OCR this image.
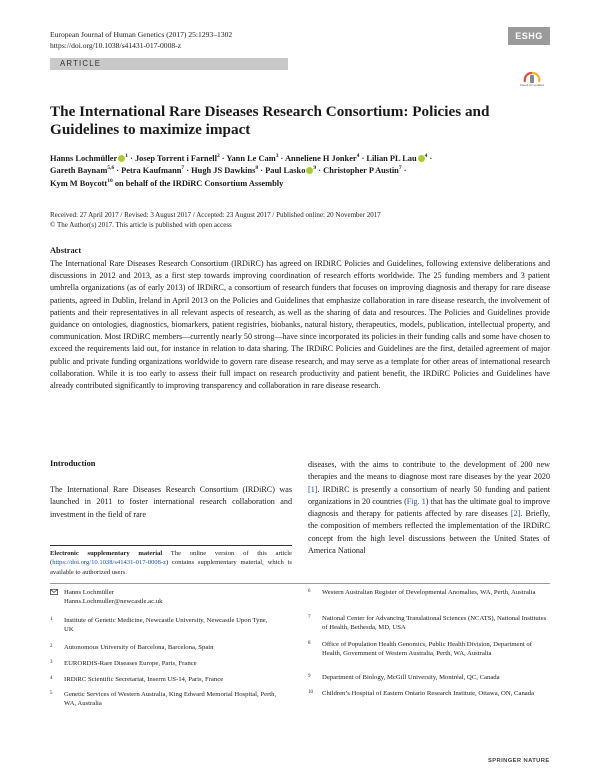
European Journal of Human Genetics (2017) 25:1293–1302
https://doi.org/10.1038/s41431-017-0008-z
ESHG
ARTICLE
Check for updates
The International Rare Diseases Research Consortium: Policies and Guidelines to maximize impact
Hanns Lochmüller $^1$ · Josep Torrent i Farnell$^2$ · Yann Le Cam$^3$ · Anneliene H Jonker$^4$ · Lilian PL Lau $^4$ ·
Gareth Baynam$^{5,6}$ · Petra Kaufmann$^7$ · Hugh JS Dawkins$^8$ · Paul Lasko $^9$ · Christopher P Austin$^7$ ·
Kym M Boycott$^{10}$ on behalf of the IRDiRC Consortium Assembly
Received: 27 April 2017 / Revised: 3 August 2017 / Accepted: 23 August 2017 / Published online: 20 November 2017
© The Author(s) 2017. This article is published with open access
Abstract

The International Rare Diseases Research Consortium (IRDiRC) has agreed on IRDiRC Policies and Guidelines, following extensive deliberations and discussions in 2012 and 2013, as a first step towards improving coordination of research efforts worldwide. The 25 funding members and 3 patient umbrella organizations (as of early 2013) of IRDiRC, a consortium of research funders that focuses on improving diagnosis and therapy for rare disease patients, agreed in Dublin, Ireland in April 2013 on the Policies and Guidelines that emphasize collaboration in rare disease research, the involvement of patients and their representatives in all relevant aspects of research, as well as the sharing of data and resources. The Policies and Guidelines provide guidance on ontologies, diagnostics, biomarkers, patient registries, biobanks, natural history, therapeutics, models, publication, intellectual property, and communication. Most IRDiRC members—currently nearly 50 strong—have since incorporated its policies in their funding calls and some have chosen to exceed the requirements laid out, for instance in relation to data sharing. The IRDiRC Policies and Guidelines are the first, detailed agreement of major public and private funding organizations worldwide to govern rare disease research, and may serve as a template for other areas of international research collaboration. While it is too early to assess their full impact on research productivity and patient benefit, the IRDiRC Policies and Guidelines have already contributed significantly to improving transparency and collaboration in rare disease research.

Introduction

The International Rare Diseases Research Consortium (IRDiRC) was launched in 2011 to foster international research collaboration and investment in the field of rare

diseases, with the aims to contribute to the development of 200 new therapies and the means to diagnose most rare diseases by the year 2020 [1]. IRDiRC is presently a consortium of nearly 50 funding and patient organizations in 20 countries (Fig. 1) that has the ultimate goal to improve diagnosis and therapy for patients affected by rare diseases [2]. Briefly, the composition of members reflected the implementation of the IRDiRC concept from the high level discussions between the United States of America National

Electronic supplementary material The online version of this article (https://doi.org/10.1038/s41431-017-0008-z) contains supplementary material, which is available to authorized users.

Hanns Lochmüller
Hanns.Lochmuller@newcastle.ac.uk
1 Institute of Genetic Medicine, Newcastle University, Newcastle Upon Tyne, UK
2 Autonomous University of Barcelona, Barcelona, Spain
3 EURORDIS-Rare Diseases Europe, Paris, France
4 IRDiRC Scientific Secretariat, Inserm US-14, Paris, France
5 Genetic Services of Western Australia, King Edward Memorial Hospital, Perth, WA, Australia
6 Western Australian Register of Developmental Anomalies, WA, Perth, Australia
7 National Center for Advancing Translational Sciences (NCATS), National Institutes of Health, Bethesda, MD, USA
8 Office of Population Health Genomics, Public Health Division, Department of Health, Government of Western Australia, Perth, WA, Australia
9 Department of Biology, McGill University, Montréal, QC, Canada
10 Children’s Hospital of Eastern Ontario Research Institute, Ottawa, ON, Canada
SPRINGER NATURE
